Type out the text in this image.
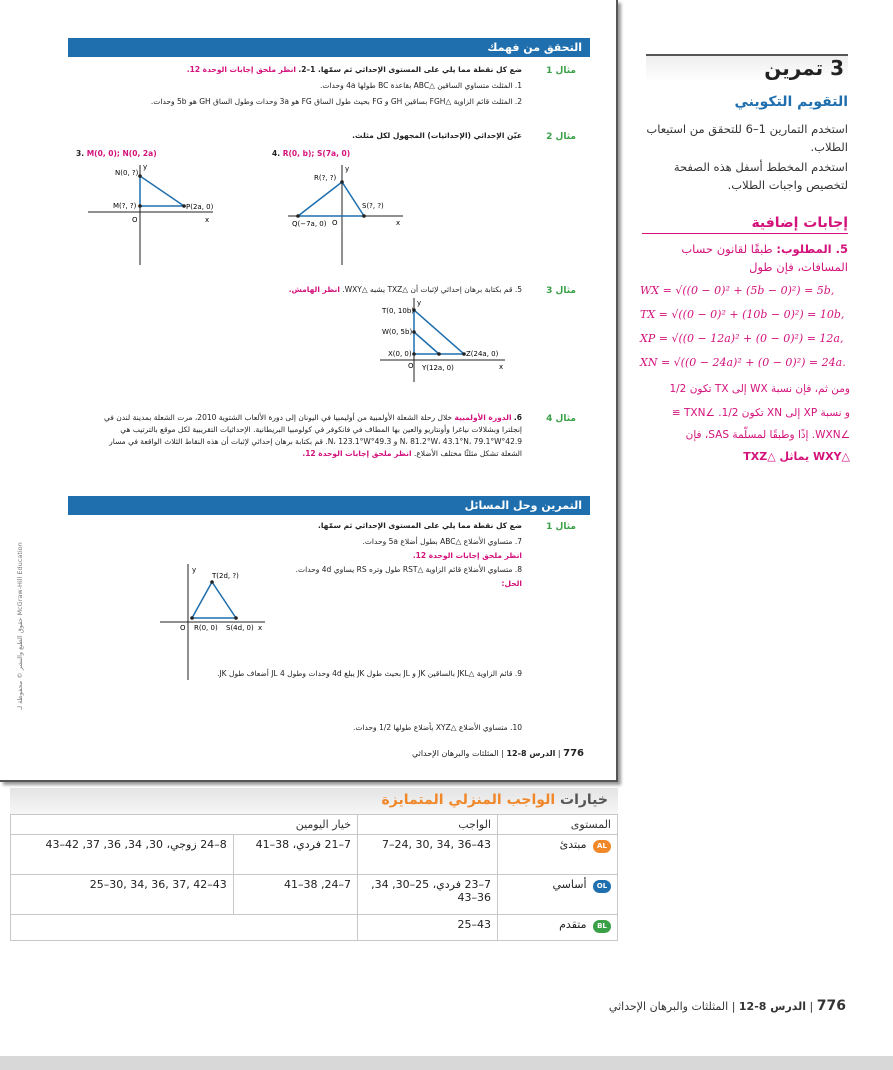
التحقق من فهمك
مثال 1
ضع كل نقطة مما يلي على المستوى الإحداثي ثم سمّها. 1–2. انظر ملحق إجابات الوحدة 12.
1. المثلث متساوي الساقين △ABC بقاعدة BC طولها 4a وحدات.
2. المثلث قائم الزاوية △FGH بساقين GH و FG بحيث طول الساق FG هو 3a وحدات وطول الساق GH هو 5b وحدات.
مثال 2
عيّن الإحداثي (الإحداثيات) المجهول لكل مثلث.
3. M(0, 0); N(0, 2a)	4. R(0, b); S(7a, 0)
N(0, ?)
M(?, ?)	P(2a, 0)
O	x
y
R(?, ?)
S(?, ?)
Q(−7a, 0) O	x
y
مثال 3
5. قم بكتابة برهان إحداثي لإثبات أن △TXZ يشبه △WXY. انظر الهامش.
T(0, 10b)
W(0, 5b)
X(0, 0)
Y(12a, 0)
Z(24a, 0)
O	x
y
مثال 4
6. الدورة الأولمبية خلال رحلة الشعلة الأولمبية من أوليمبيا في اليونان إلى دورة الألعاب الشتوية 2010، مرت الشعلة بمدينة لندن في إنجلترا وبشلالات نياغرا وأونتاريو والعين بها المطاف في فانكوفر في كولومبيا البريطانية. الإحداثيات التقريبية لكل موقع بالترتيب هي 42.9°N، 81.2°W، 43.1°N، 79.1°W و 49.3°N، 123.1°W. قم بكتابة برهان إحداثي لإثبات أن هذه النقاط الثلاث الواقعة في مسار الشعلة تشكل مثلثًا مختلف الأضلاع. انظر ملحق إجابات الوحدة 12.
التمرين وحل المسائل
مثال 1
ضع كل نقطة مما يلي على المستوى الإحداثي ثم سمّها.
7. متساوي الأضلاع △ABC بطول أضلاع 5a وحدات.
انظر ملحق إجابات الوحدة 12.
8. متساوي الأضلاع قائم الزاوية △RST طول وتره RS يساوي 4d وحدات.
الحل:
T(2d, ?)
R(0, 0) S(4d, 0)
O	x
y
9. قائم الزاوية △JKL بالساقين JK و JL بحيث طول JK يبلغ 4d وحدات وطول JL 4 أضعاف طول JK.
10. متساوي الأضلاع △XYZ بأضلاع طولها 1/2 وحدات.
McGraw-Hill Education حقوق الطبع والنشر © محفوظة لـ
776 | الدرس 8-12 | المثلثات والبرهان الإحداثي
3 تمرين
التقويم التكويني
استخدم التمارين 1–6 للتحقق من استيعاب الطلاب.
استخدم المخطط أسفل هذه الصفحة لتخصيص واجبات الطلاب.
إجابات إضافية
5. المطلوب: طبقًا لقانون حساب المسافات، فإن طول
WX = √((0 − 0)² + (5b − 0)²) = 5b,
TX = √((0 − 0)² + (10b − 0)²) = 10b,
XP = √((0 − 12a)² + (0 − 0)²) = 12a,
XN = √((0 − 24a)² + (0 − 0)²) = 24a.
ومن ثم، فإن نسبة WX إلى TX تكون 1/2
و نسبة XP إلى XN تكون 1/2. ∠TXN ≅
∠WXN. إذًا وطبقًا لمسلّمة SAS، فإن
△WXY يماثل △TXZ
خيارات الواجب المنزلي المتمايزة
المستوى	الواجب	خيار اليومين	
AL مبتدئ	7–24, 30, 34, 36–43	7–21 فردي، 38–41	8–24 زوجي، 30, 34, 36, 37, 42–43
OL أساسي	7–23 فردي، 25–30, 34, 36–43	7–24, 38–41	25–30, 34, 36, 37, 42–43
BL متقدم	25–43		
776 | الدرس 8-12 | المثلثات والبرهان الإحداثي
